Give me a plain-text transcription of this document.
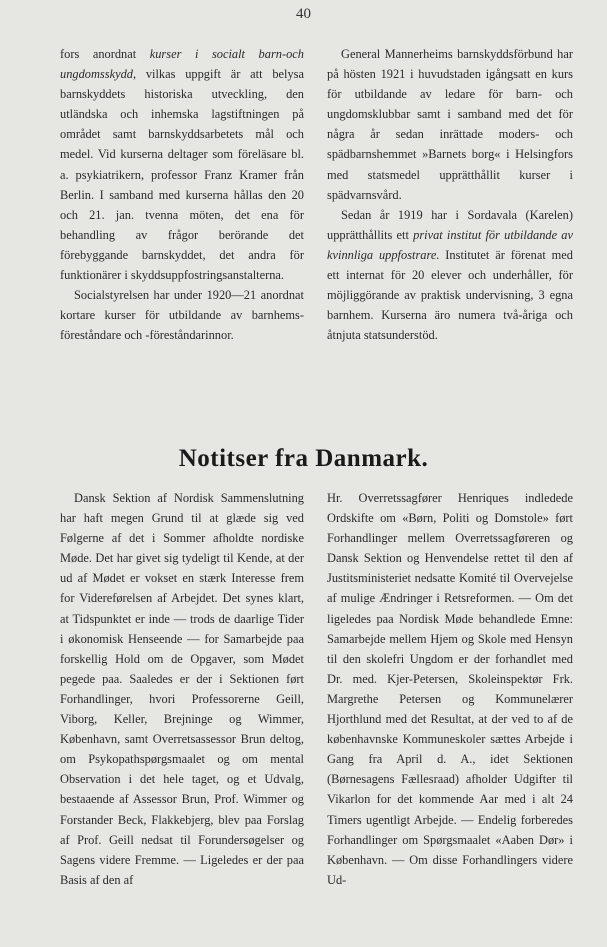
40

fors anordnat kurser i socialt barn-och ungdomsskydd, vilkas uppgift är att belysa barnskyddets historiska utveckling, den utländska och inhemska lagstiftningen på området samt barnskyddsarbetets mål och medel. Vid kurserna deltager som föreläsare bl. a. psykiatrikern, professor Franz Kramer från Berlin. I samband med kurserna hållas den 20 och 21. jan. tvenna möten, det ena för behandling av frågor berörande det förebyggande barnskyddet, det andra för funktionärer i skyddsuppfostringsanstalterna.

Socialstyrelsen har under 1920—21 anordnat kortare kurser för utbildande av barnhems-föreståndare och -föreståndarinnor.

General Mannerheims barnskyddsförbund har på hösten 1921 i huvudstaden igångsatt en kurs för utbildande av ledare för barn- och ungdomsklubbar samt i samband med det för några år sedan inrättade moders- och spädbarnshemmet »Barnets borg« i Helsingfors med statsmedel upprätthållit kurser i spädvarnsvård.

Sedan år 1919 har i Sordavala (Karelen) upprätthållits ett privat institut för utbildande av kvinnliga uppfostrare. Institutet är förenat med ett internat för 20 elever och underhåller, för möjliggörande av praktisk undervisning, 3 egna barnhem. Kurserna äro numera två-åriga och åtnjuta statsunderstöd.

Notitser fra Danmark.

Dansk Sektion af Nordisk Sammenslutning har haft megen Grund til at glæde sig ved Følgerne af det i Sommer afholdte nordiske Møde. Det har givet sig tydeligt til Kende, at der ud af Mødet er vokset en stærk Interesse frem for Videreførelsen af Arbejdet. Det synes klart, at Tidspunktet er inde — trods de daarlige Tider i økonomisk Henseende — for Samarbejde paa forskellig Hold om de Opgaver, som Mødet pegede paa. Saaledes er der i Sektionen ført Forhandlinger, hvori Professorerne Geill, Viborg, Keller, Brejninge og Wimmer, København, samt Overretsassessor Brun deltog, om Psykopathspørgsmaalet og om mental Observation i det hele taget, og et Udvalg, bestaaende af Assessor Brun, Prof. Wimmer og Forstander Beck, Flakkebjerg, blev paa Forslag af Prof. Geill nedsat til Forundersøgelser og Sagens videre Fremme. — Ligeledes er der paa Basis af den af

Hr. Overretssagfører Henriques indledede Ordskifte om «Børn, Politi og Domstole» ført Forhandlinger mellem Overretssagføreren og Dansk Sektion og Henvendelse rettet til den af Justitsministeriet nedsatte Komité til Overvejelse af mulige Ændringer i Retsreformen. — Om det ligeledes paa Nordisk Møde behandlede Emne: Samarbejde mellem Hjem og Skole med Hensyn til den skolefri Ungdom er der forhandlet med Dr. med. Kjer-Petersen, Skoleinspektør Frk. Margrethe Petersen og Kommunelærer Hjorthlund med det Resultat, at der ved to af de københavnske Kommuneskoler sættes Arbejde i Gang fra April d. A., idet Sektionen (Børnesagens Fællesraad) afholder Udgifter til Vikarlon for det kommende Aar med i alt 24 Timers ugentligt Arbejde. — Endelig forberedes Forhandlinger om Spørgsmaalet «Aaben Dør» i København. — Om disse Forhandlingers videre Ud-
